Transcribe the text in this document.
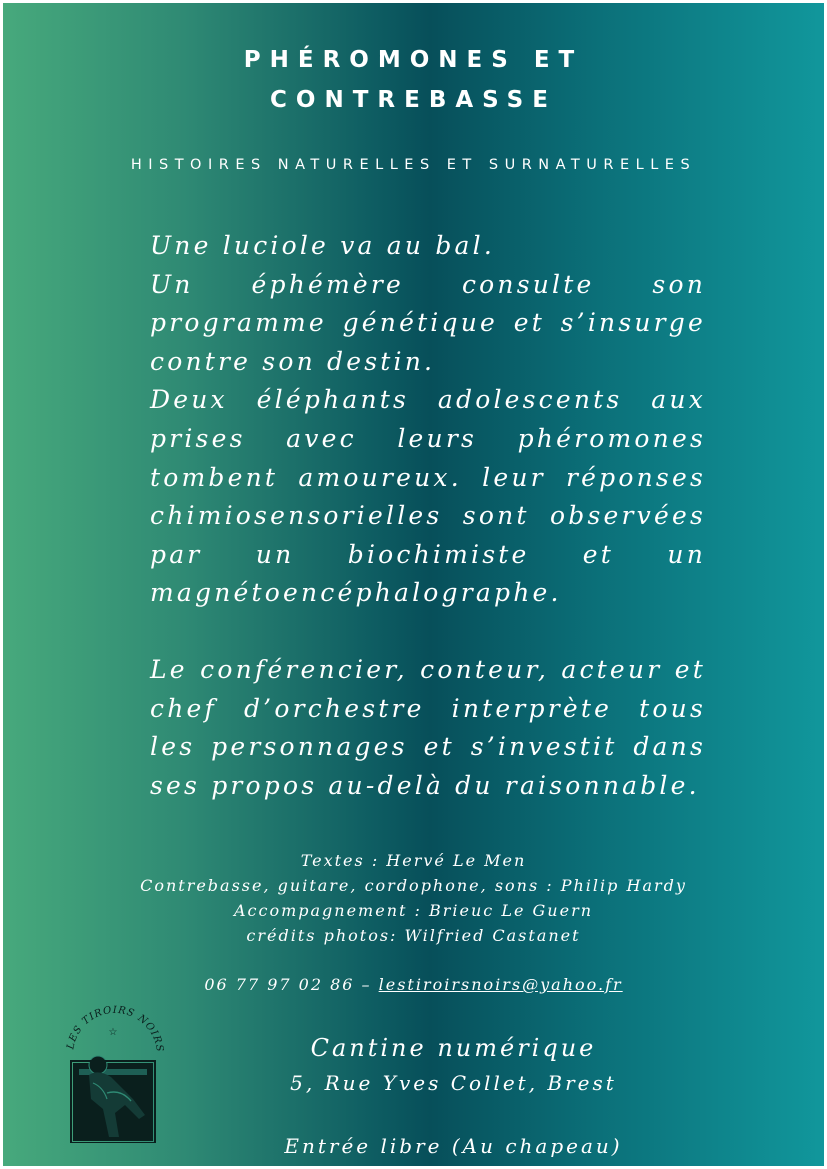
PHÉROMONES ET
CONTREBASSE
HISTOIRES NATURELLES ET SURNATURELLES

Une luciole va au bal.

Un éphémère consulte son programme génétique et s’insurge contre son destin.

Deux éléphants adolescents aux prises avec leurs phéromones tombent amoureux. leur réponses chimiosensorielles sont observées par un biochimiste et un magnétoencéphalographe.

Le conférencier, conteur, acteur et chef d’orchestre interprète tous les personnages et s’investit dans ses propos au-delà du raisonnable.

Textes : Hervé Le Men
Contrebasse, guitare, cordophone, sons : Philip Hardy
Accompagnement : Brieuc Le Guern
crédits photos: Wilfried Castanet
06 77 97 02 86 – lestiroirsnoirs@yahoo.fr
Cantine numérique
5, Rue Yves Collet, Brest
Entrée libre (Au chapeau)
LES TIROIRS NOIRS
☆
